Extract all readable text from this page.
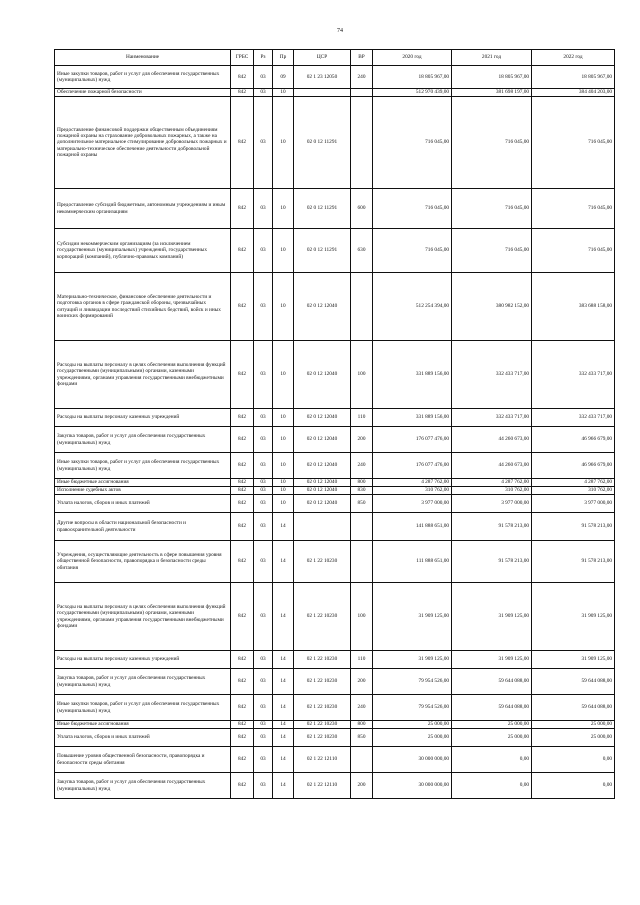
74
Наименование	ГРБС	Рз	Пр	ЦСР	ВР	2020 год	2021 год	2022 год
Иные закупки товаров, работ и услуг для обеспечения государственных (муниципальных) нужд	842	03	09	02 1 23 12050	240	18 805 967,00	18 805 967,00	18 805 967,00
Обеспечение пожарной безопасности	842	03	10			512 970 439,00	381 698 197,00	384 404 203,00
Предоставление финансовой поддержки общественным объединениям пожарной охраны на страхование добровольных пожарных, а также на дополнительное материальное стимулирование добровольных пожарных и материально-техническое обеспечение деятельности добровольной пожарной охраны	842	03	10	02 0 12 11291		716 045,00	716 045,00	716 045,00
Предоставление субсидий бюджетным, автономным учреждениям и иным некоммерческим организациям	842	03	10	02 0 12 11291	600	716 045,00	716 045,00	716 045,00
Субсидии некоммерческим организациям (за исключением государственных (муниципальных) учреждений, государственных корпораций (компаний), публично-правовых компаний)	842	03	10	02 0 12 11291	630	716 045,00	716 045,00	716 045,00
Материально-техническое, финансовое обеспечение деятельности и подготовка органов в сфере гражданской обороны, чрезвычайных ситуаций и ликвидации последствий стихийных бедствий, войск и иных воинских формирований	842	03	10	02 0 12 12040		512 254 394,00	380 982 152,00	383 688 158,00
Расходы на выплаты персоналу в целях обеспечения выполнения функций государственными (муниципальными) органами, казенными учреждениями, органами управления государственными внебюджетными фондами	842	03	10	02 0 12 12040	100	331 889 156,00	332 433 717,00	332 433 717,00
Расходы на выплаты персоналу казенных учреждений	842	03	10	02 0 12 12040	110	331 889 156,00	332 433 717,00	332 433 717,00
Закупка товаров, работ и услуг для обеспечения государственных (муниципальных) нужд	842	03	10	02 0 12 12040	200	176 077 476,00	44 260 673,00	46 966 679,00
Иные закупки товаров, работ и услуг для обеспечения государственных (муниципальных) нужд	842	03	10	02 0 12 12040	240	176 077 476,00	44 260 673,00	46 966 679,00
Иные бюджетные ассигнования	842	03	10	02 0 12 12040	800	4 287 762,00	4 287 762,00	4 287 762,00
Исполнение судебных актов	842	03	10	02 0 12 12040	830	310 762,00	310 762,00	310 762,00
Уплата налогов, сборов и иных платежей	842	03	10	02 0 12 12040	850	3 977 000,00	3 977 000,00	3 977 000,00
Другие вопросы в области национальной безопасности и правоохранительной деятельности	842	03	14			141 888 651,00	91 578 213,00	91 578 213,00
Учреждения, осуществляющие деятельность в сфере повышения уровня общественной безопасности, правопорядка и безопасности среды обитания	842	03	14	02 1 22 10230		111 888 651,00	91 578 213,00	91 578 213,00
Расходы на выплаты персоналу в целях обеспечения выполнения функций государственными (муниципальными) органами, казенными учреждениями, органами управления государственными внебюджетными фондами	842	03	14	02 1 22 10230	100	31 909 125,00	31 909 125,00	31 909 125,00
Расходы на выплаты персоналу казенных учреждений	842	03	14	02 1 22 10230	110	31 909 125,00	31 909 125,00	31 909 125,00
Закупка товаров, работ и услуг для обеспечения государственных (муниципальных) нужд	842	03	14	02 1 22 10230	200	79 954 526,00	59 644 088,00	59 644 088,00
Иные закупки товаров, работ и услуг для обеспечения государственных (муниципальных) нужд	842	03	14	02 1 22 10230	240	79 954 526,00	59 644 088,00	59 644 088,00
Иные бюджетные ассигнования	842	03	14	02 1 22 10230	800	25 000,00	25 000,00	25 000,00
Уплата налогов, сборов и иных платежей	842	03	14	02 1 22 10230	850	25 000,00	25 000,00	25 000,00
Повышение уровня общественной безопасности, правопорядка и безопасности среды обитания	842	03	14	02 1 22 12110		30 000 000,00	0,00	0,00
Закупка товаров, работ и услуг для обеспечения государственных (муниципальных) нужд	842	03	14	02 1 22 12110	200	30 000 000,00	0,00	0,00
